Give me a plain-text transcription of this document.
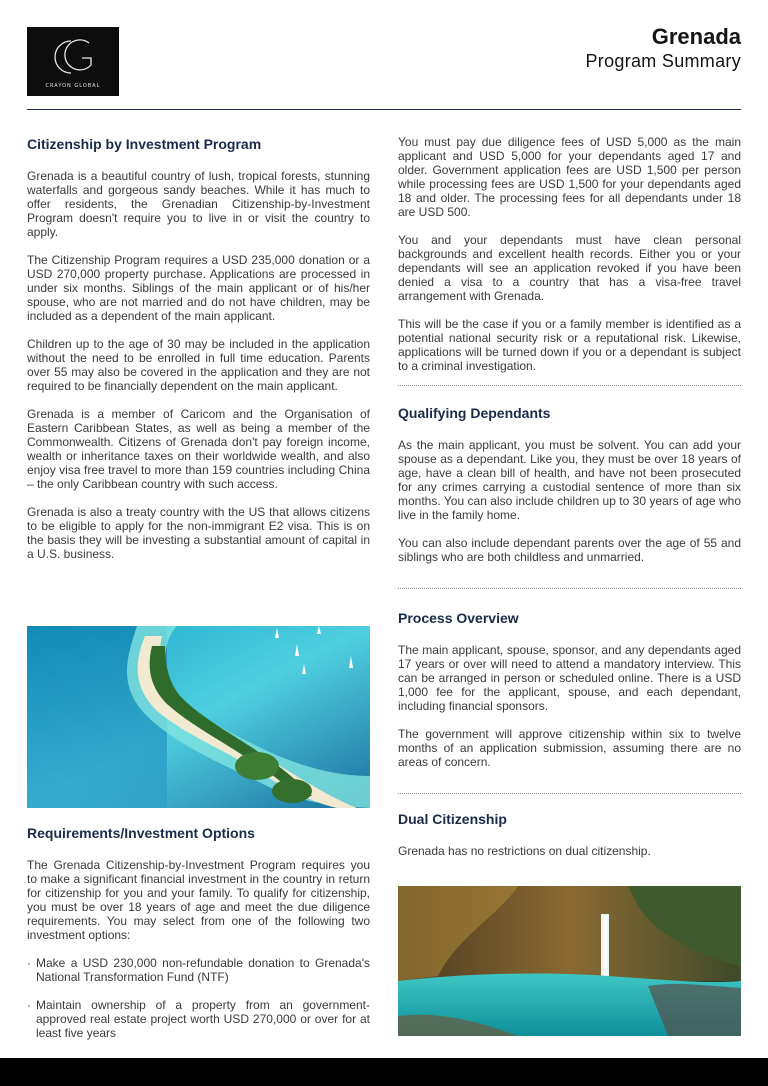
CRAYON GLOBAL
Grenada
Program Summary
Citizenship by Investment Program

Grenada is a beautiful country of lush, tropical forests, stunning waterfalls and gorgeous sandy beaches. While it has much to offer residents, the Grenadian Citizenship-by-Investment Program doesn't require you to live in or visit the country to apply.

The Citizenship Program requires a USD 235,000 donation or a USD 270,000 property purchase. Applications are processed in under six months. Siblings of the main applicant or of his/her spouse, who are not married and do not have children, may be included as a dependent of the main applicant.

Children up to the age of 30 may be included in the application without the need to be enrolled in full time education. Parents over 55 may also be covered in the application and they are not required to be financially dependent on the main applicant.

Grenada is a member of Caricom and the Organisation of Eastern Caribbean States, as well as being a member of the Commonwealth. Citizens of Grenada don't pay foreign income, wealth or inheritance taxes on their worldwide wealth, and also enjoy visa free travel to more than 159 countries including China – the only Caribbean country with such access.

Grenada is also a treaty country with the US that allows citizens to be eligible to apply for the non-immigrant E2 visa. This is on the basis they will be investing a substantial amount of capital in a U.S. business.

Requirements/Investment Options

The Grenada Citizenship-by-Investment Program requires you to make a significant financial investment in the country in return for citizenship for you and your family. To qualify for citizenship, you must be over 18 years of age and meet the due diligence requirements. You may select from one of the following two investment options:

· Make a USD 230,000 non-refundable donation to Grenada's National Transformation Fund (NTF)
· Maintain ownership of a property from an government-approved real estate project worth USD 270,000 or over for at least five years

You must pay due diligence fees of USD 5,000 as the main applicant and USD 5,000 for your dependants aged 17 and older. Government application fees are USD 1,500 per person while processing fees are USD 1,500 for your dependants aged 18 and older. The processing fees for all dependants under 18 are USD 500.

You and your dependants must have clean personal backgrounds and excellent health records. Either you or your dependants will see an application revoked if you have been denied a visa to a country that has a visa-free travel arrangement with Grenada.

This will be the case if you or a family member is identified as a potential national security risk or a reputational risk. Likewise, applications will be turned down if you or a dependant is subject to a criminal investigation.

Qualifying Dependants

As the main applicant, you must be solvent. You can add your spouse as a dependant. Like you, they must be over 18 years of age, have a clean bill of health, and have not been prosecuted for any crimes carrying a custodial sentence of more than six months. You can also include children up to 30 years of age who live in the family home.

You can also include dependant parents over the age of 55 and siblings who are both childless and unmarried.

Process Overview

The main applicant, spouse, sponsor, and any dependants aged 17 years or over will need to attend a mandatory interview. This can be arranged in person or scheduled online. There is a USD 1,000 fee for the applicant, spouse, and each dependant, including financial sponsors.

The government will approve citizenship within six to twelve months of an application submission, assuming there are no areas of concern.

Dual Citizenship

Grenada has no restrictions on dual citizenship.
